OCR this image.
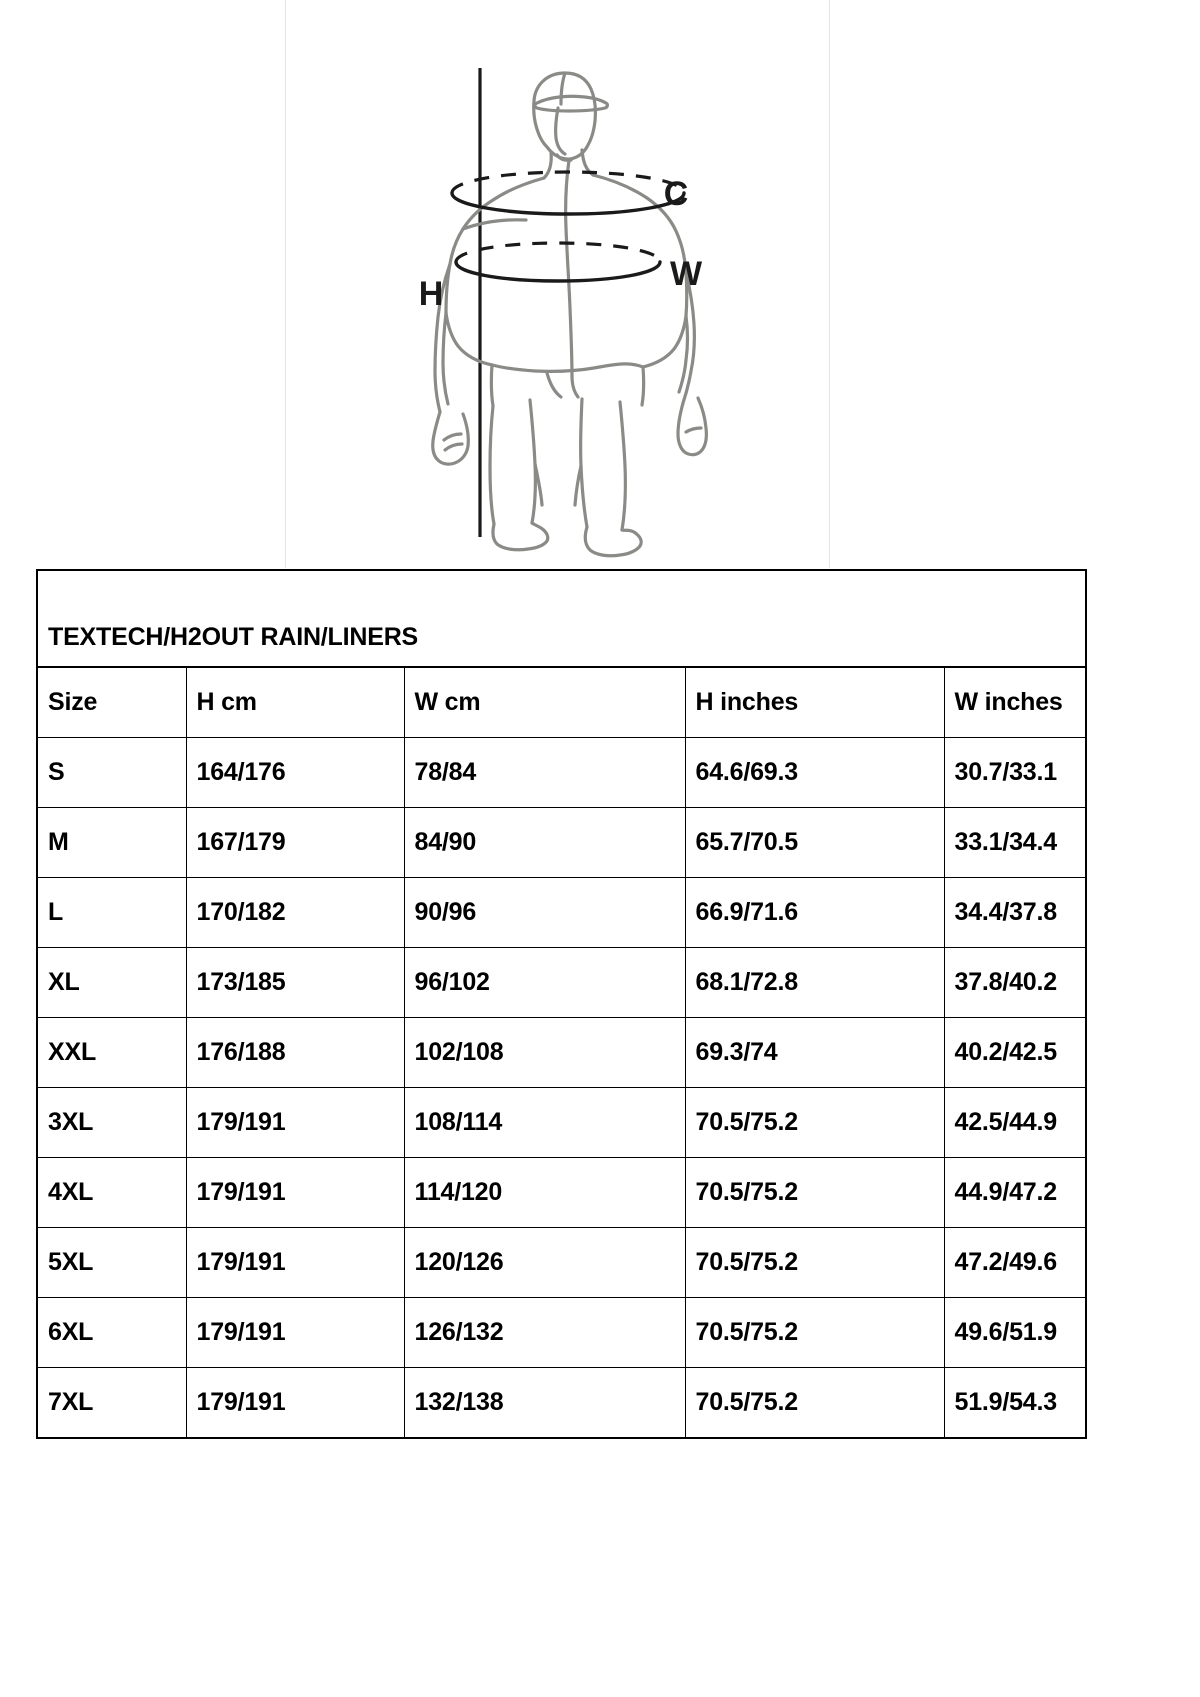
H
C
W
TEXTECH/H2OUT RAIN/LINERS				

Size	H cm	W cm	H inches	W inches
S	164/176	78/84	64.6/69.3	30.7/33.1
M	167/179	84/90	65.7/70.5	33.1/34.4
L	170/182	90/96	66.9/71.6	34.4/37.8
XL	173/185	96/102	68.1/72.8	37.8/40.2
XXL	176/188	102/108	69.3/74	40.2/42.5
3XL	179/191	108/114	70.5/75.2	42.5/44.9
4XL	179/191	114/120	70.5/75.2	44.9/47.2
5XL	179/191	120/126	70.5/75.2	47.2/49.6
6XL	179/191	126/132	70.5/75.2	49.6/51.9
7XL	179/191	132/138	70.5/75.2	51.9/54.3
